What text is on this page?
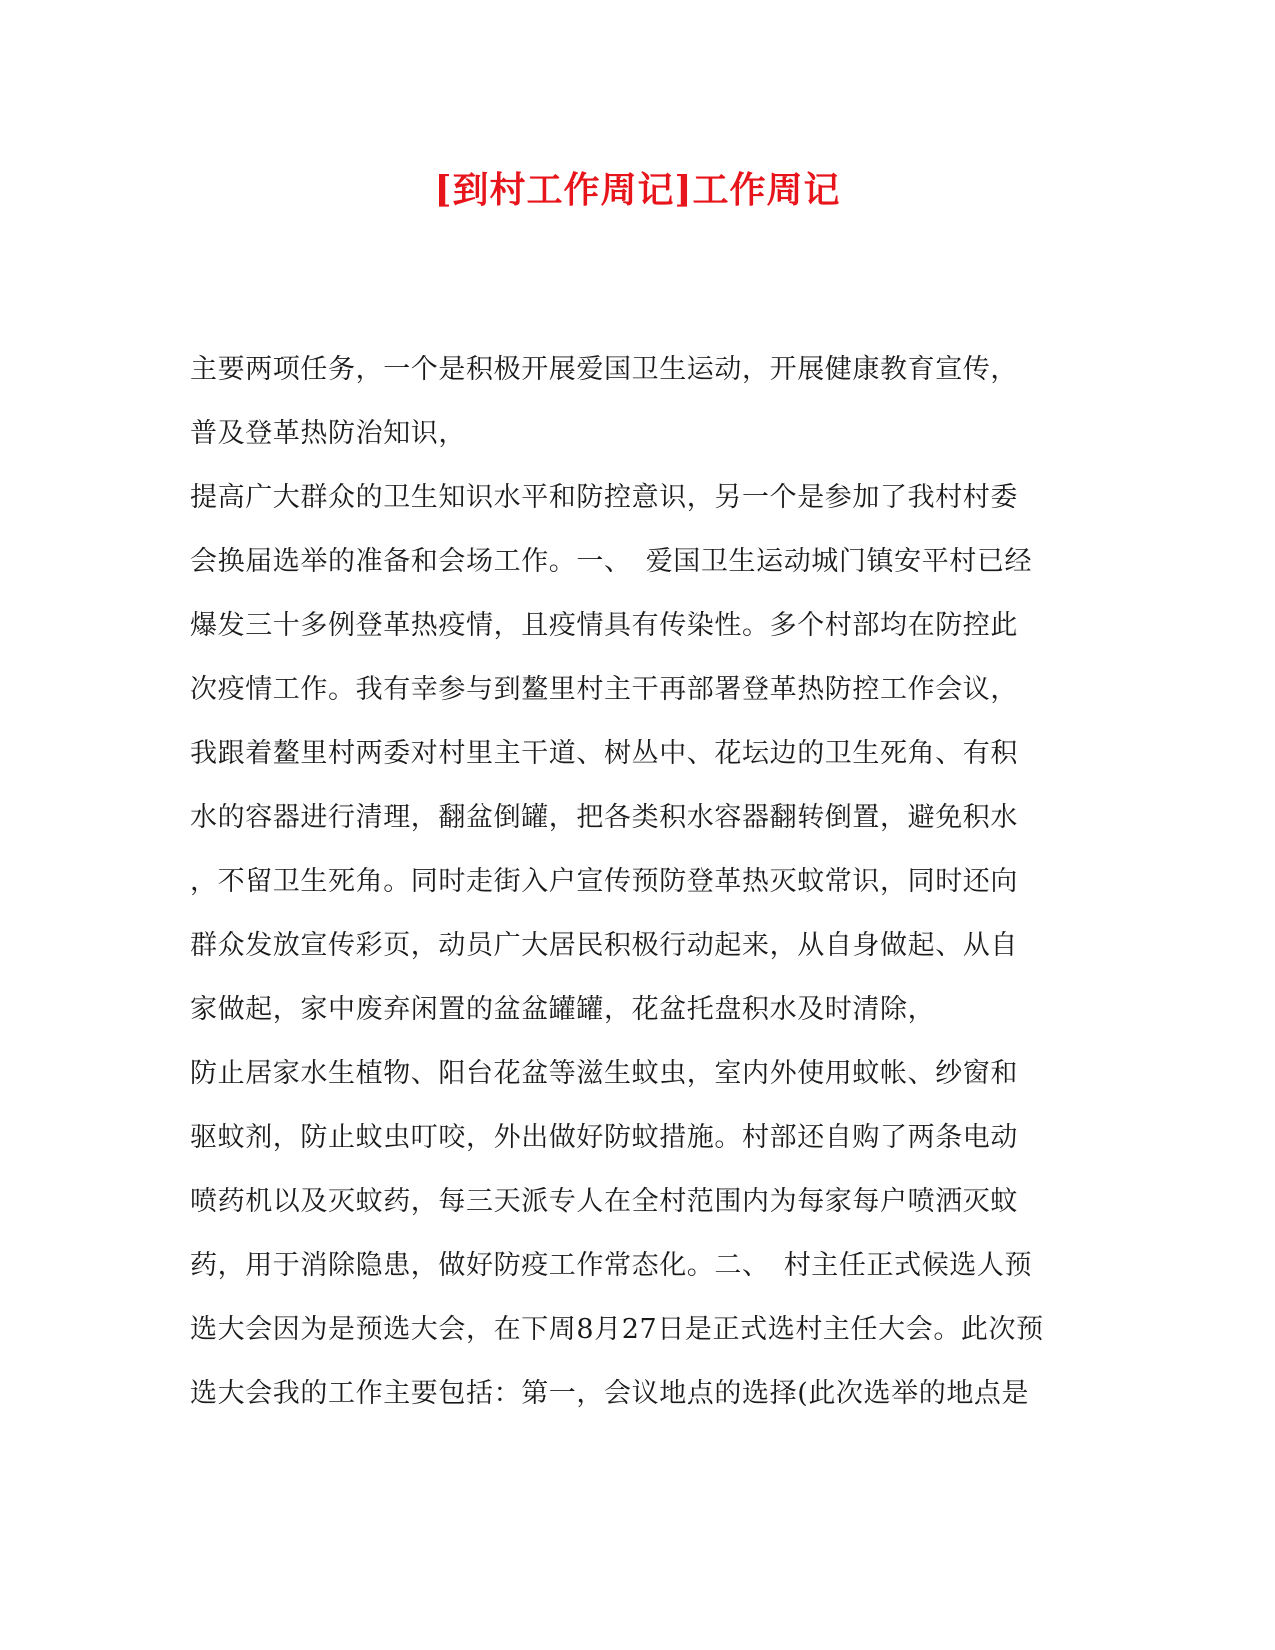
[到村工作周记]工作周记
主要两项任务，一个是积极开展爱国卫生运动，开展健康教育宣传，
普及登革热防治知识，
提高广大群众的卫生知识水平和防控意识，另一个是参加了我村村委
会换届选举的准备和会场工作。一、　爱国卫生运动城门镇安平村已经
爆发三十多例登革热疫情，且疫情具有传染性。多个村部均在防控此
次疫情工作。我有幸参与到鳌里村主干再部署登革热防控工作会议，
我跟着鳌里村两委对村里主干道、树丛中、花坛边的卫生死角、有积
水的容器进行清理，翻盆倒罐，把各类积水容器翻转倒置，避免积水
，不留卫生死角。同时走街入户宣传预防登革热灭蚊常识，同时还向
群众发放宣传彩页，动员广大居民积极行动起来，从自身做起、从自
家做起，家中废弃闲置的盆盆罐罐，花盆托盘积水及时清除，
防止居家水生植物、阳台花盆等滋生蚊虫，室内外使用蚊帐、纱窗和
驱蚊剂，防止蚊虫叮咬，外出做好防蚊措施。村部还自购了两条电动
喷药机以及灭蚊药，每三天派专人在全村范围内为每家每户喷洒灭蚊
药，用于消除隐患，做好防疫工作常态化。二、　村主任正式候选人预
选大会因为是预选大会，在下周8月27日是正式选村主任大会。此次预
选大会我的工作主要包括：第一，会议地点的选择(此次选举的地点是
